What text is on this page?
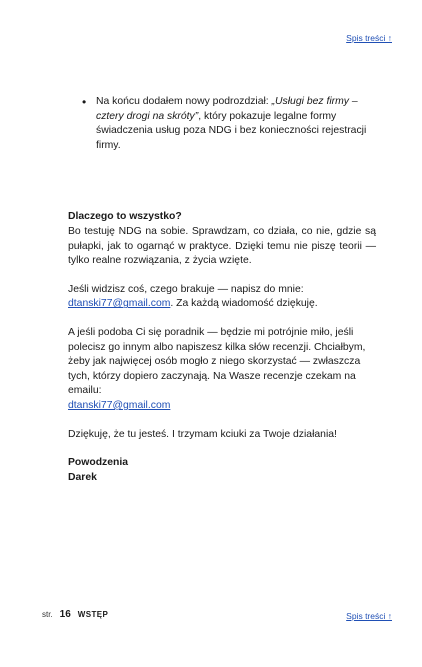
Spis treści ↑
• Na końcu dodałem nowy podrozdział: „Usługi bez firmy – cztery drogi na skróty”, który pokazuje legalne formy świadczenia usług poza NDG i bez konieczności rejestracji firmy.

Dlaczego to wszystko?

Bo testuję NDG na sobie. Sprawdzam, co działa, co nie, gdzie są pułapki, jak to ogarnąć w praktyce. Dzięki temu nie piszę teorii — tylko realne rozwiązania, z życia wzięte.

Jeśli widzisz coś, czego brakuje — napisz do mnie:
dtanski77@gmail.com. Za każdą wiadomość dziękuję.

A jeśli podoba Ci się poradnik — będzie mi potrójnie miło, jeśli polecisz go innym albo napiszesz kilka słów recenzji. Chciałbym, żeby jak najwięcej osób mogło z niego skorzystać — zwłaszcza tych, którzy dopiero zaczynają. Na Wasze recenzje czekam na emailu:
dtanski77@gmail.com

Dziękuję, że tu jesteś. I trzymam kciuki za Twoje działania!

Powodzenia

Darek

str. 16 WSTĘP	Spis treści ↑
